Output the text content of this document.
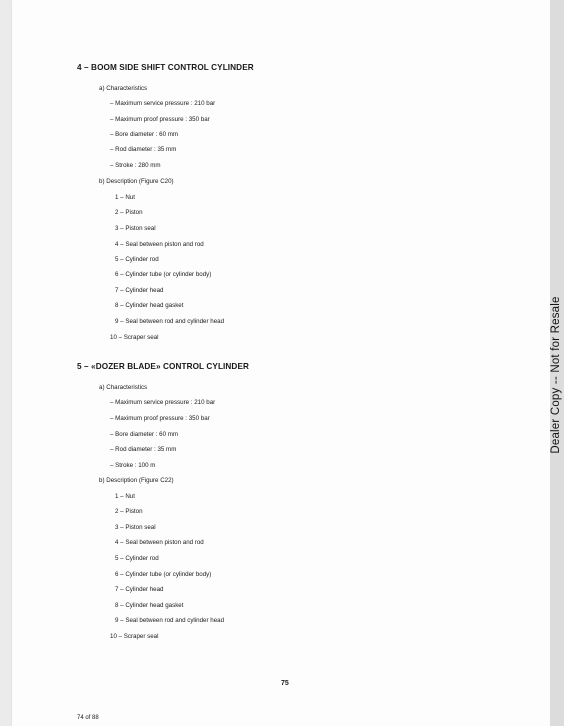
4 – BOOM SIDE SHIFT CONTROL CYLINDER
a) Characteristics
– Maximum service pressure : 210 bar
– Maximum proof pressure : 350 bar
– Bore diameter : 60 mm
– Rod diameter : 35 mm
– Stroke : 280 mm
b) Description (Figure C20)
1 – Nut
2 – Piston
3 – Piston seal
4 – Seal between piston and rod
5 – Cylinder rod
6 – Cylinder tube (or cylinder body)
7 – Cylinder head
8 – Cylinder head gasket
9 – Seal between rod and cylinder head
10 – Scraper seal
5 – «DOZER BLADE» CONTROL CYLINDER
a) Characteristics
– Maximum service pressure : 210 bar
– Maximum proof pressure : 350 bar
– Bore diameter : 60 mm
– Rod diameter : 35 mm
– Stroke : 100 m
b) Description (Figure C22)
1 – Nut
2 – Piston
3 – Piston seal
4 – Seal between piston and rod
5 – Cylinder rod
6 – Cylinder tube (or cylinder body)
7 – Cylinder head
8 – Cylinder head gasket
9 – Seal between rod and cylinder head
10 – Scraper seal
75
74 of 88
Dealer Copy -- Not for Resale
